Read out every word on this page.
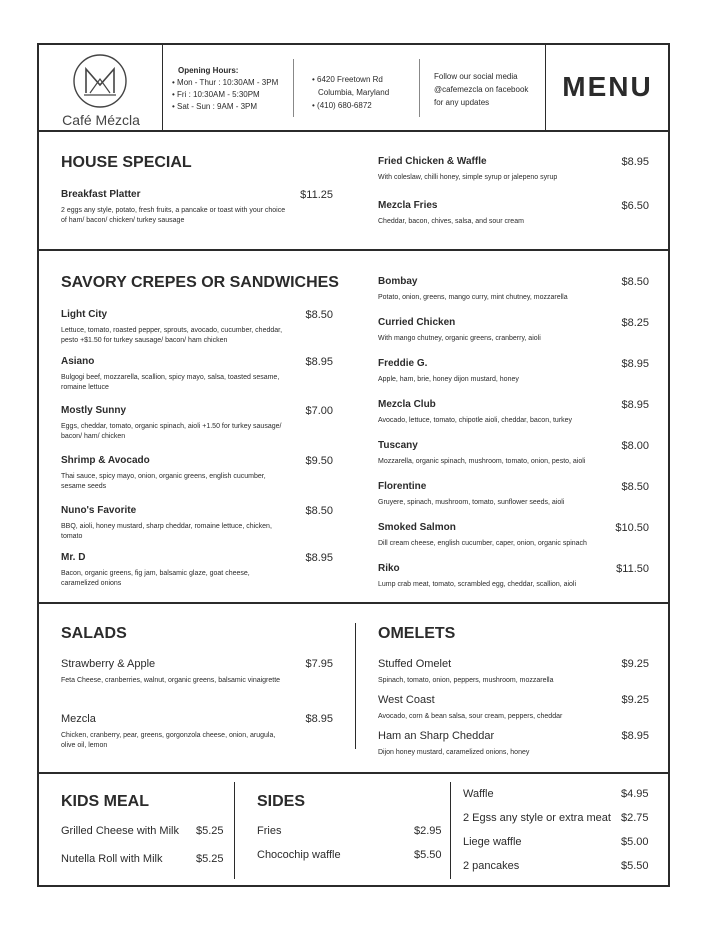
Café Mézcla
Opening Hours:
• Mon - Thur : 10:30AM - 3PM
• Fri : 10:30AM - 5:30PM
• Sat - Sun : 9AM - 3PM
• 6420 Freetown Rd
Columbia, Maryland
• (410) 680-6872
Follow our social media
@cafemezcla on facebook
for any updates
MENU
HOUSE SPECIAL
Breakfast Platter	$11.25
2 eggs any style, potato, fresh fruits, a pancake or toast with your choice of ham/ bacon/ chicken/ turkey sausage
Fried Chicken & Waffle	$8.95
With coleslaw, chilli honey, simple syrup or jalepeno syrup
Mezcla Fries	$6.50
Cheddar, bacon, chives, salsa, and sour cream
SAVORY CREPES OR SANDWICHES
Light City	$8.50
Lettuce, tomato, roasted pepper, sprouts, avocado, cucumber, cheddar, pesto +$1.50 for turkey sausage/ bacon/ ham chicken
Asiano	$8.95
Bulgogi beef, mozzarella, scallion, spicy mayo, salsa, toasted sesame, romaine lettuce
Mostly Sunny	$7.00
Eggs, cheddar, tomato, organic spinach, aioli +1.50 for turkey sausage/ bacon/ ham/ chicken
Shrimp & Avocado	$9.50
Thai sauce, spicy mayo, onion, organic greens, english cucumber, sesame seeds
Nuno's Favorite	$8.50
BBQ, aioli, honey mustard, sharp cheddar, romaine lettuce, chicken, tomato
Mr. D	$8.95
Bacon, organic greens, fig jam, balsamic glaze, goat cheese, caramelized onions
Bombay	$8.50
Potato, onion, greens, mango curry, mint chutney, mozzarella
Curried Chicken	$8.25
With mango chutney, organic greens, cranberry, aioli
Freddie G.	$8.95
Apple, ham, brie, honey dijon mustard, honey
Mezcla Club	$8.95
Avocado, lettuce, tomato, chipotle aioli, cheddar, bacon, turkey
Tuscany	$8.00
Mozzarella, organic spinach, mushroom, tomato, onion, pesto, aioli
Florentine	$8.50
Gruyere, spinach, mushroom, tomato, sunflower seeds, aioli
Smoked Salmon	$10.50
Dill cream cheese, english cucumber, caper, onion, organic spinach
Riko	$11.50
Lump crab meat, tomato, scrambled egg, cheddar, scallion, aioli
SALADS
Strawberry & Apple	$7.95
Feta Cheese, cranberries, walnut, organic greens, balsamic vinaigrette
Mezcla	$8.95
Chicken, cranberry, pear, greens, gorgonzola cheese, onion, arugula, olive oil, lemon
OMELETS
Stuffed Omelet	$9.25
Spinach, tomato, onion, peppers, mushroom, mozzarella
West Coast	$9.25
Avocado, corn & bean salsa, sour cream, peppers, cheddar
Ham an Sharp Cheddar	$8.95
Dijon honey mustard, caramelized onions, honey
KIDS MEAL
Grilled Cheese with Milk $5.25
Nutella Roll with Milk	$5.25
SIDES
Fries	$2.95
Chocochip waffle	$5.50
Waffle	$4.95
2 Egss any style or extra meat $2.75
Liege waffle	$5.00
2 pancakes	$5.50
